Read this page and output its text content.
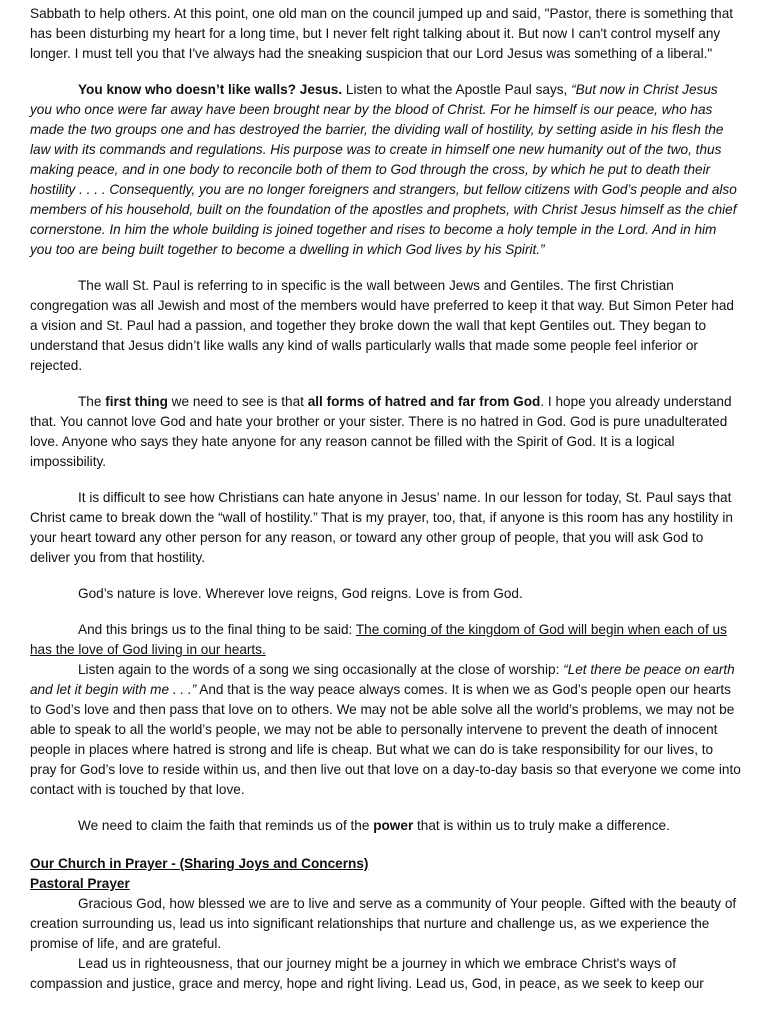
Sabbath to help others. At this point, one old man on the council jumped up and said, "Pastor, there is something that has been disturbing my heart for a long time, but I never felt right talking about it. But now I can't control myself any longer. I must tell you that I've always had the sneaking suspicion that our Lord Jesus was something of a liberal."

You know who doesn’t like walls? Jesus. Listen to what the Apostle Paul says, “But now in Christ Jesus you who once were far away have been brought near by the blood of Christ. For he himself is our peace, who has made the two groups one and has destroyed the barrier, the dividing wall of hostility, by setting aside in his flesh the law with its commands and regulations. His purpose was to create in himself one new humanity out of the two, thus making peace, and in one body to reconcile both of them to God through the cross, by which he put to death their hostility . . . . Consequently, you are no longer foreigners and strangers, but fellow citizens with God’s people and also members of his household, built on the foundation of the apostles and prophets, with Christ Jesus himself as the chief cornerstone. In him the whole building is joined together and rises to become a holy temple in the Lord. And in him you too are being built together to become a dwelling in which God lives by his Spirit.”

The wall St. Paul is referring to in specific is the wall between Jews and Gentiles. The first Christian congregation was all Jewish and most of the members would have preferred to keep it that way. But Simon Peter had a vision and St. Paul had a passion, and together they broke down the wall that kept Gentiles out. They began to understand that Jesus didn’t like walls any kind of walls particularly walls that made some people feel inferior or rejected.

The first thing we need to see is that all forms of hatred and far from God. I hope you already understand that. You cannot love God and hate your brother or your sister. There is no hatred in God. God is pure unadulterated love. Anyone who says they hate anyone for any reason cannot be filled with the Spirit of God. It is a logical impossibility.

It is difficult to see how Christians can hate anyone in Jesus’ name. In our lesson for today, St. Paul says that Christ came to break down the “wall of hostility.” That is my prayer, too, that, if anyone is this room has any hostility in your heart toward any other person for any reason, or toward any other group of people, that you will ask God to deliver you from that hostility.

God’s nature is love. Wherever love reigns, God reigns. Love is from God.

And this brings us to the final thing to be said: The coming of the kingdom of God will begin when each of us has the love of God living in our hearts.

Listen again to the words of a song we sing occasionally at the close of worship: “Let there be peace on earth and let it begin with me . . .” And that is the way peace always comes. It is when we as God’s people open our hearts to God’s love and then pass that love on to others. We may not be able solve all the world’s problems, we may not be able to speak to all the world’s people, we may not be able to personally intervene to prevent the death of innocent people in places where hatred is strong and life is cheap. But what we can do is take responsibility for our lives, to pray for God’s love to reside within us, and then live out that love on a day-to-day basis so that everyone we come into contact with is touched by that love.

We need to claim the faith that reminds us of the power that is within us to truly make a difference.

Our Church in Prayer - (Sharing Joys and Concerns)

Pastoral Prayer

Gracious God, how blessed we are to live and serve as a community of Your people. Gifted with the beauty of creation surrounding us, lead us into significant relationships that nurture and challenge us, as we experience the promise of life, and are grateful.

Lead us in righteousness, that our journey might be a journey in which we embrace Christ's ways of compassion and justice, grace and mercy, hope and right living. Lead us, God, in peace, as we seek to keep our
